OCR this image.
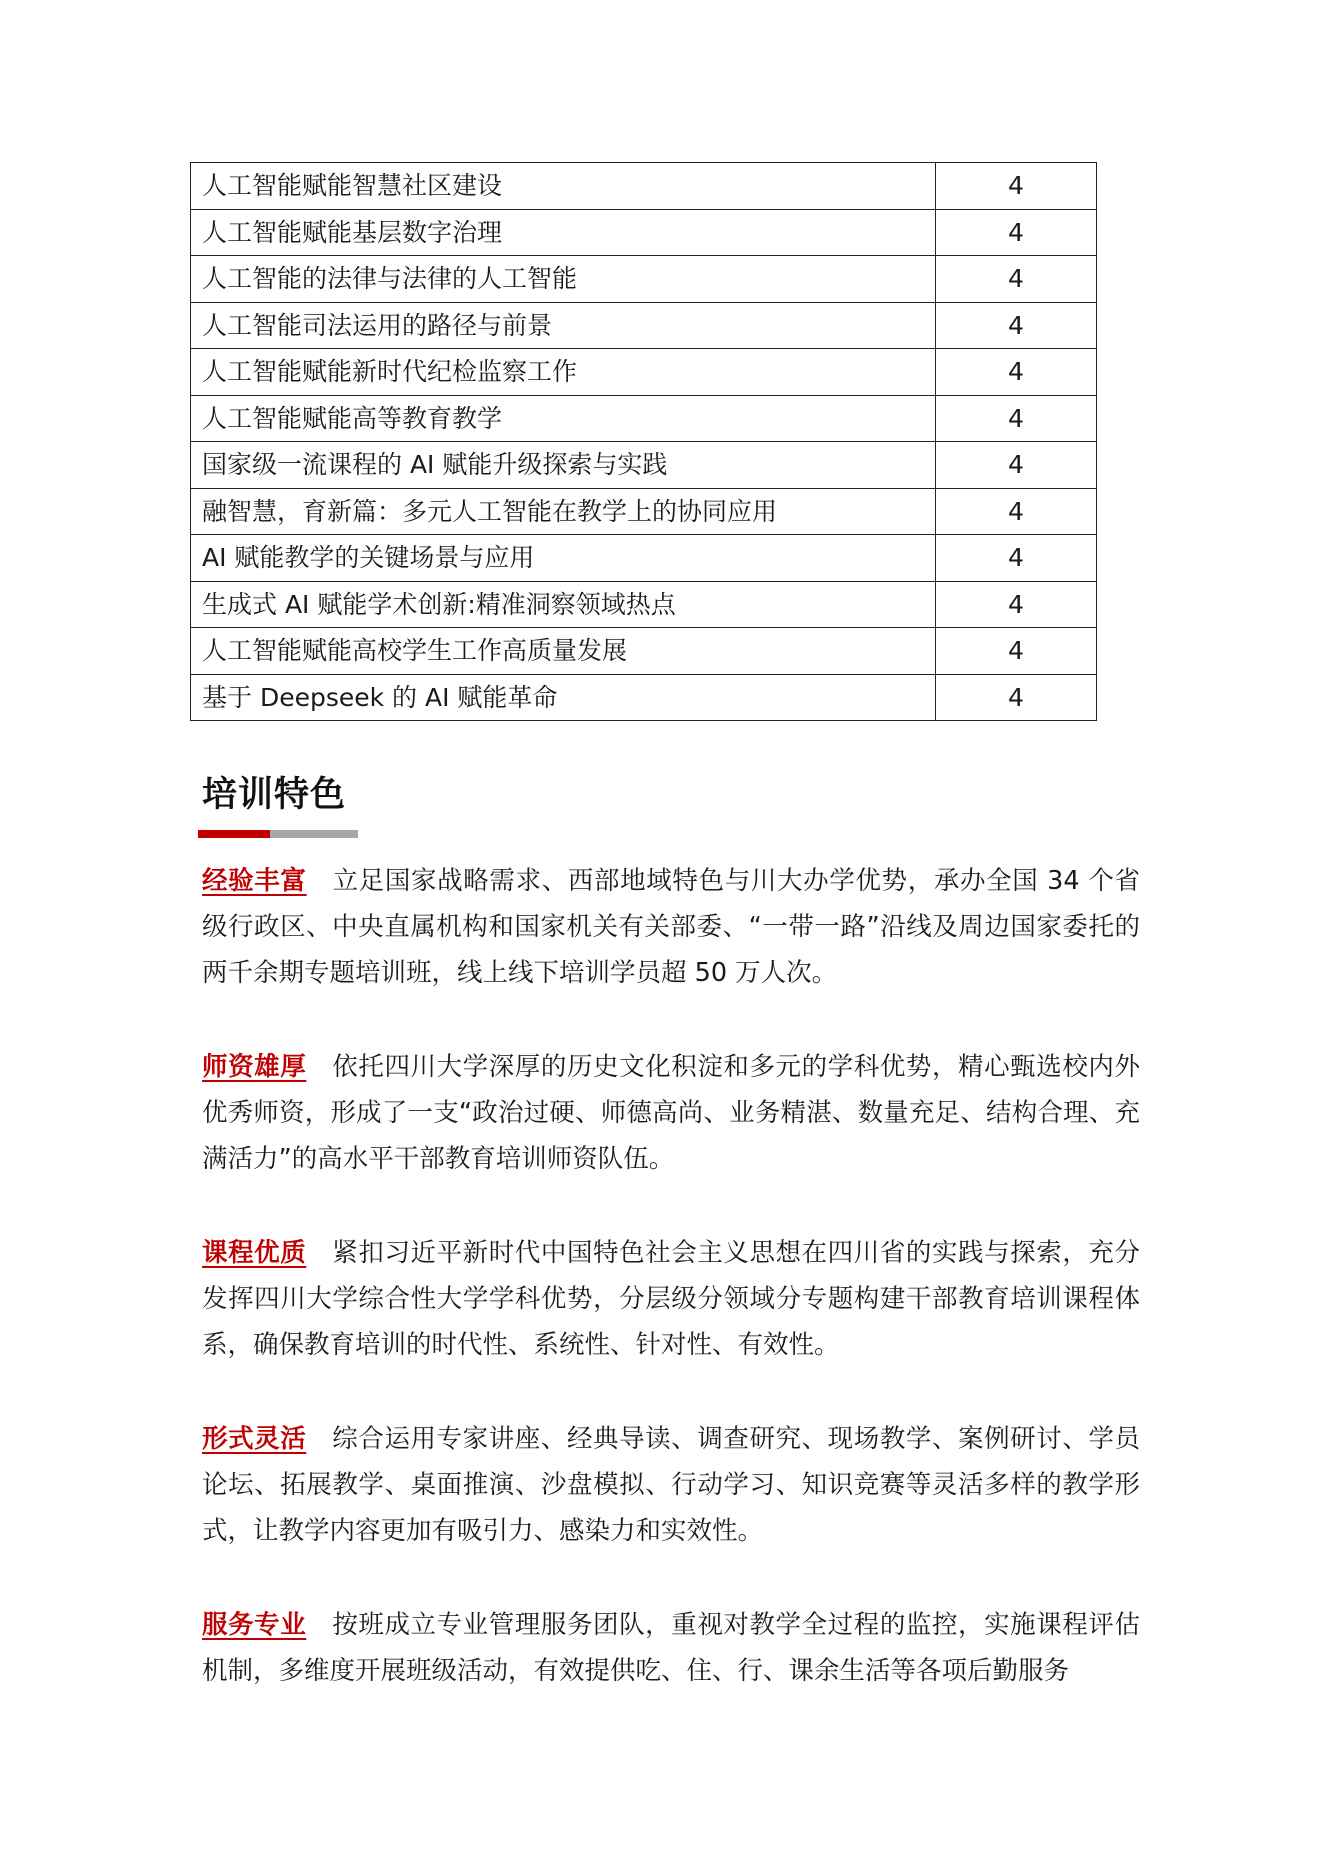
人工智能赋能智慧社区建设	4
人工智能赋能基层数字治理	4
人工智能的法律与法律的人工智能	4
人工智能司法运用的路径与前景	4
人工智能赋能新时代纪检监察工作	4
人工智能赋能高等教育教学	4
国家级一流课程的 AI 赋能升级探索与实践	4
融智慧，育新篇：多元人工智能在教学上的协同应用	4
AI 赋能教学的关键场景与应用	4
生成式 AI 赋能学术创新:精准洞察领域热点	4
人工智能赋能高校学生工作高质量发展	4
基于 Deepseek 的 AI 赋能革命	4
培训特色

经验丰富 立足国家战略需求、西部地域特色与川大办学优势，承办全国 34 个省级行政区、中央直属机构和国家机关有关部委、“一带一路”沿线及周边国家委托的两千余期专题培训班，线上线下培训学员超 50 万人次。

师资雄厚 依托四川大学深厚的历史文化积淀和多元的学科优势，精心甄选校内外优秀师资，形成了一支“政治过硬、师德高尚、业务精湛、数量充足、结构合理、充满活力”的高水平干部教育培训师资队伍。

课程优质 紧扣习近平新时代中国特色社会主义思想在四川省的实践与探索，充分发挥四川大学综合性大学学科优势，分层级分领域分专题构建干部教育培训课程体系，确保教育培训的时代性、系统性、针对性、有效性。

形式灵活 综合运用专家讲座、经典导读、调查研究、现场教学、案例研讨、学员论坛、拓展教学、桌面推演、沙盘模拟、行动学习、知识竞赛等灵活多样的教学形式，让教学内容更加有吸引力、感染力和实效性。

服务专业 按班成立专业管理服务团队，重视对教学全过程的监控，实施课程评估机制，多维度开展班级活动，有效提供吃、住、行、课余生活等各项后勤服务
